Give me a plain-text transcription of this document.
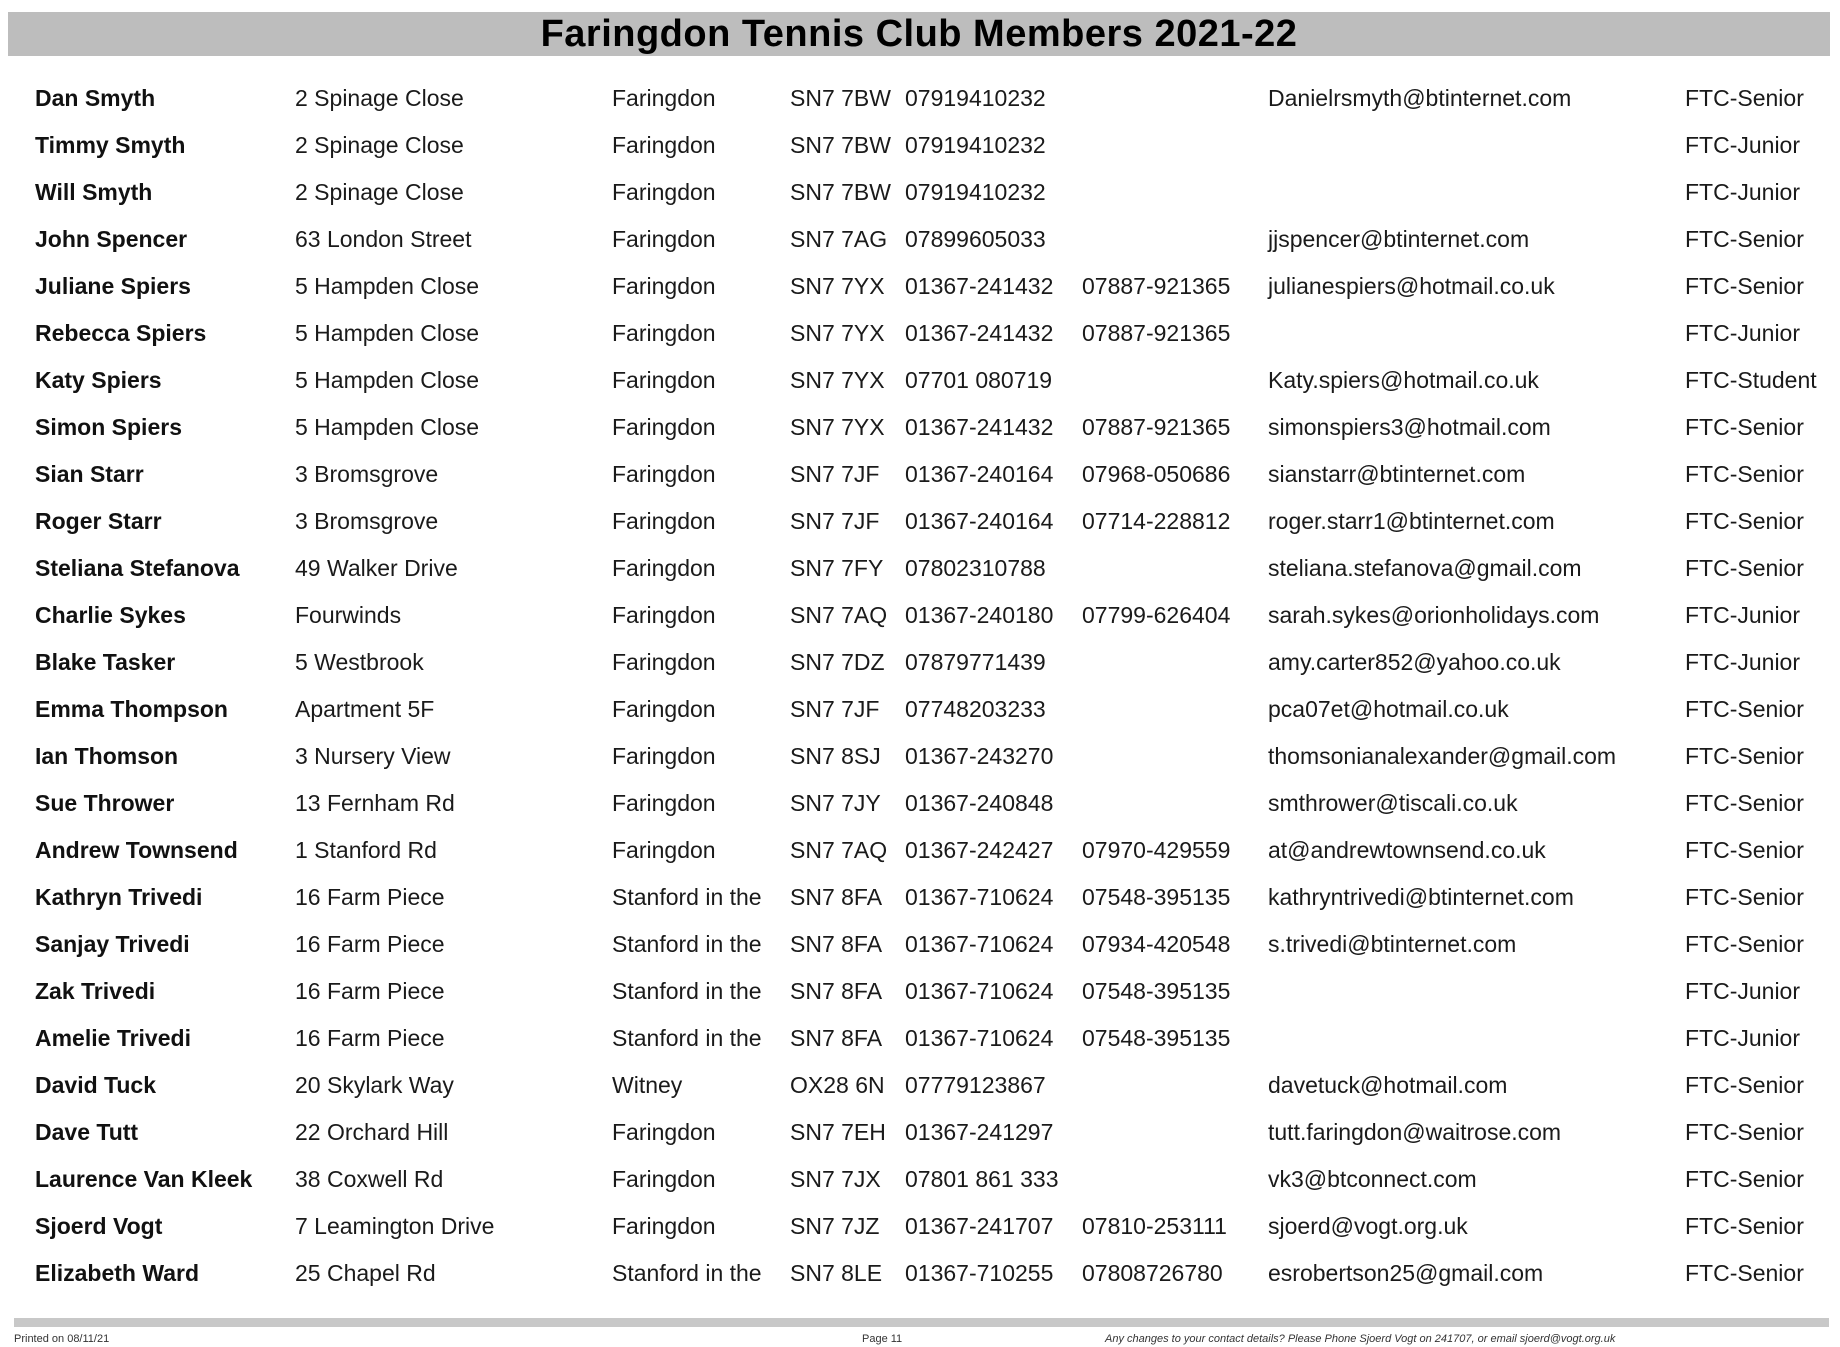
Faringdon Tennis Club Members 2021-22
Dan Smyth	2 Spinage Close	Faringdon	SN7 7BW 07919410232	Danielrsmyth@btinternet.com	FTC-Senior
Timmy Smyth	2 Spinage Close	Faringdon	SN7 7BW 07919410232	FTC-Junior
Will Smyth	2 Spinage Close	Faringdon	SN7 7BW 07919410232	FTC-Junior
John Spencer	63 London Street	Faringdon	SN7 7AG 07899605033	jjspencer@btinternet.com	FTC-Senior
Juliane Spiers	5 Hampden Close	Faringdon	SN7 7YX 01367-241432 07887-921365 julianespiers@hotmail.co.uk	FTC-Senior
Rebecca Spiers	5 Hampden Close	Faringdon	SN7 7YX 01367-241432 07887-921365	FTC-Junior
Katy Spiers	5 Hampden Close	Faringdon	SN7 7YX 07701 080719	Katy.spiers@hotmail.co.uk	FTC-Student
Simon Spiers	5 Hampden Close	Faringdon	SN7 7YX 01367-241432 07887-921365 simonspiers3@hotmail.com	FTC-Senior
Sian Starr	3 Bromsgrove	Faringdon	SN7 7JF 01367-240164 07968-050686 sianstarr@btinternet.com	FTC-Senior
Roger Starr	3 Bromsgrove	Faringdon	SN7 7JF 01367-240164 07714-228812 roger.starr1@btinternet.com	FTC-Senior
Steliana Stefanova 49 Walker Drive	Faringdon	SN7 7FY 07802310788	steliana.stefanova@gmail.com	FTC-Senior
Charlie Sykes	Fourwinds	Faringdon	SN7 7AQ 01367-240180 07799-626404 sarah.sykes@orionholidays.com	FTC-Junior
Blake Tasker	5 Westbrook	Faringdon	SN7 7DZ 07879771439	amy.carter852@yahoo.co.uk	FTC-Junior
Emma Thompson	Apartment 5F	Faringdon	SN7 7JF 07748203233	pca07et@hotmail.co.uk	FTC-Senior
Ian Thomson	3 Nursery View	Faringdon	SN7 8SJ 01367-243270	thomsonianalexander@gmail.com	FTC-Senior
Sue Thrower	13 Fernham Rd	Faringdon	SN7 7JY 01367-240848	smthrower@tiscali.co.uk	FTC-Senior
Andrew Townsend 1 Stanford Rd	Faringdon	SN7 7AQ 01367-242427 07970-429559 at@andrewtownsend.co.uk	FTC-Senior
Kathryn Trivedi	16 Farm Piece	Stanford in the SN7 8FA 01367-710624 07548-395135 kathryntrivedi@btinternet.com	FTC-Senior
Sanjay Trivedi	16 Farm Piece	Stanford in the SN7 8FA 01367-710624 07934-420548 s.trivedi@btinternet.com	FTC-Senior
Zak Trivedi	16 Farm Piece	Stanford in the SN7 8FA 01367-710624 07548-395135	FTC-Junior
Amelie Trivedi	16 Farm Piece	Stanford in the SN7 8FA 01367-710624 07548-395135	FTC-Junior
David Tuck	20 Skylark Way	Witney	OX28 6N 07779123867	davetuck@hotmail.com	FTC-Senior
Dave Tutt	22 Orchard Hill	Faringdon	SN7 7EH 01367-241297	tutt.faringdon@waitrose.com	FTC-Senior
Laurence Van Kleek 38 Coxwell Rd	Faringdon	SN7 7JX 07801 861 333	vk3@btconnect.com	FTC-Senior
Sjoerd Vogt	7 Leamington Drive	Faringdon	SN7 7JZ 01367-241707 07810-253111 sjoerd@vogt.org.uk	FTC-Senior
Elizabeth Ward	25 Chapel Rd	Stanford in the SN7 8LE 01367-710255 07808726780 esrobertson25@gmail.com	FTC-Senior
Printed on 08/11/21	Page 11	Any changes to your contact details? Please Phone Sjoerd Vogt on 241707, or email sjoerd@vogt.org.uk
